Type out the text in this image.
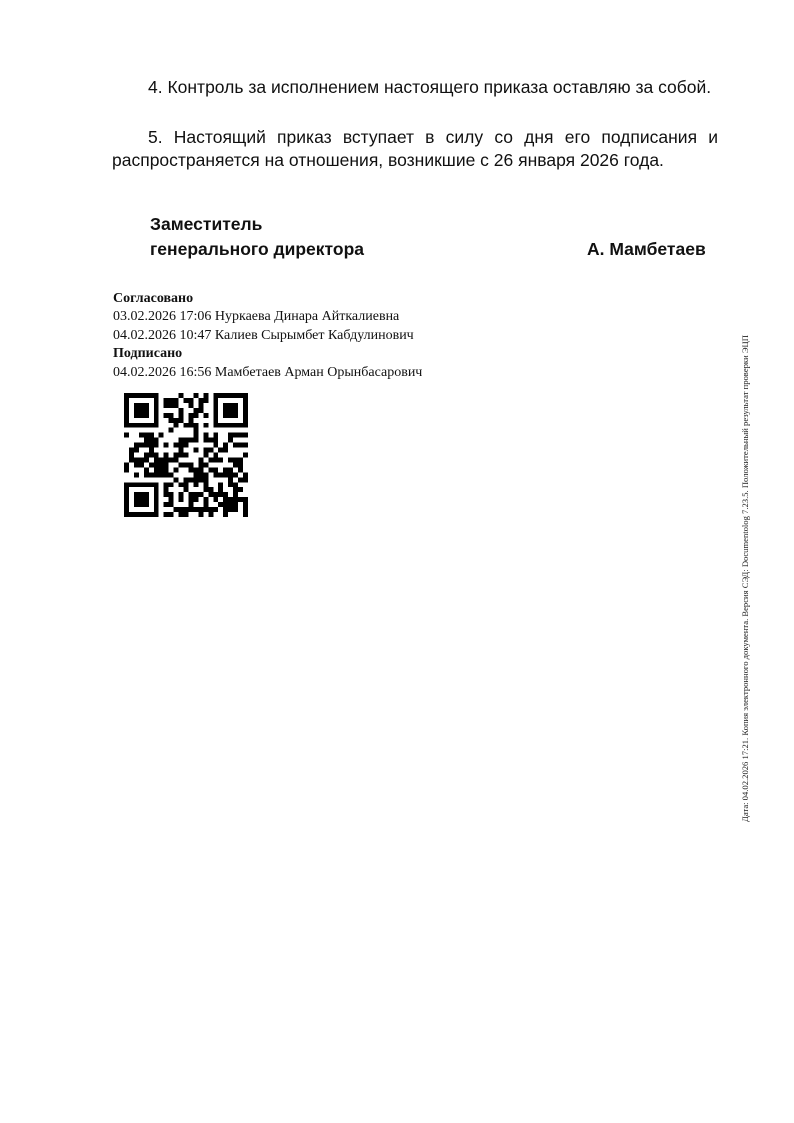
4. Контроль за исполнением настоящего приказа оставляю за собой.

5. Настоящий приказ вступает в силу со дня его подписания и распространяется на отношения, возникшие с 26 января 2026 года.

Заместитель
генерального директора	А. Мамбетаев
Согласовано
03.02.2026 17:06 Нуркаева Динара Айткалиевна
04.02.2026 10:47 Калиев Сырымбет Кабдулинович
Подписано
04.02.2026 16:56 Мамбетаев Арман Орынбасарович	Дата: 04.02.2026 17:21. Копия электронного документа. Версия СЭД: Documentolog 7.23.5. Положительный результат проверки ЭЦП
